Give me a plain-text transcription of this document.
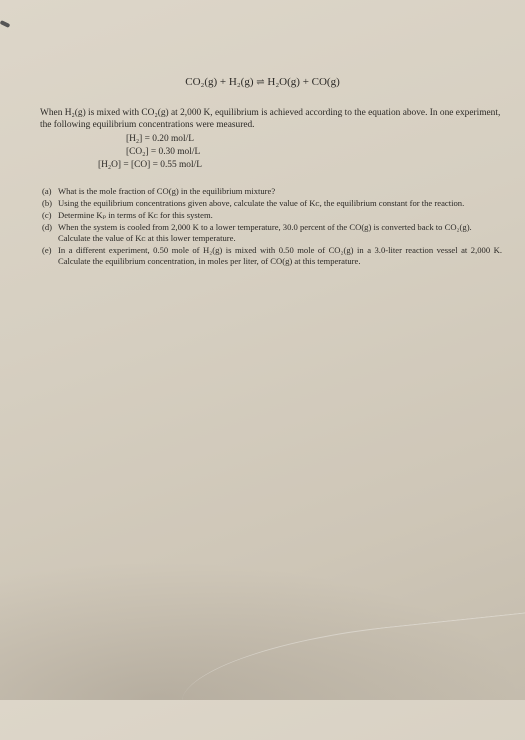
CO₂(g) + H₂(g) ⇌ H₂O(g) + CO(g)
When H₂(g) is mixed with CO₂(g) at 2,000 K, equilibrium is achieved according to the equation above. In one experiment, the following equilibrium concentrations were measured.
[H₂] = 0.20 mol/L
[CO₂] = 0.30 mol/L
[H₂O] = [CO] = 0.55 mol/L
(a) What is the mole fraction of CO(g) in the equilibrium mixture?
(b) Using the equilibrium concentrations given above, calculate the value of Kᴄ, the equilibrium constant for the reaction.
(c) Determine Kₚ in terms of Kᴄ for this system.
(d) When the system is cooled from 2,000 K to a lower temperature, 30.0 percent of the CO(g) is converted back to CO₂(g). Calculate the value of Kᴄ at this lower temperature.
(e) In a different experiment, 0.50 mole of H₂(g) is mixed with 0.50 mole of CO₂(g) in a 3.0-liter reaction vessel at 2,000 K. Calculate the equilibrium concentration, in moles per liter, of CO(g) at this temperature.
